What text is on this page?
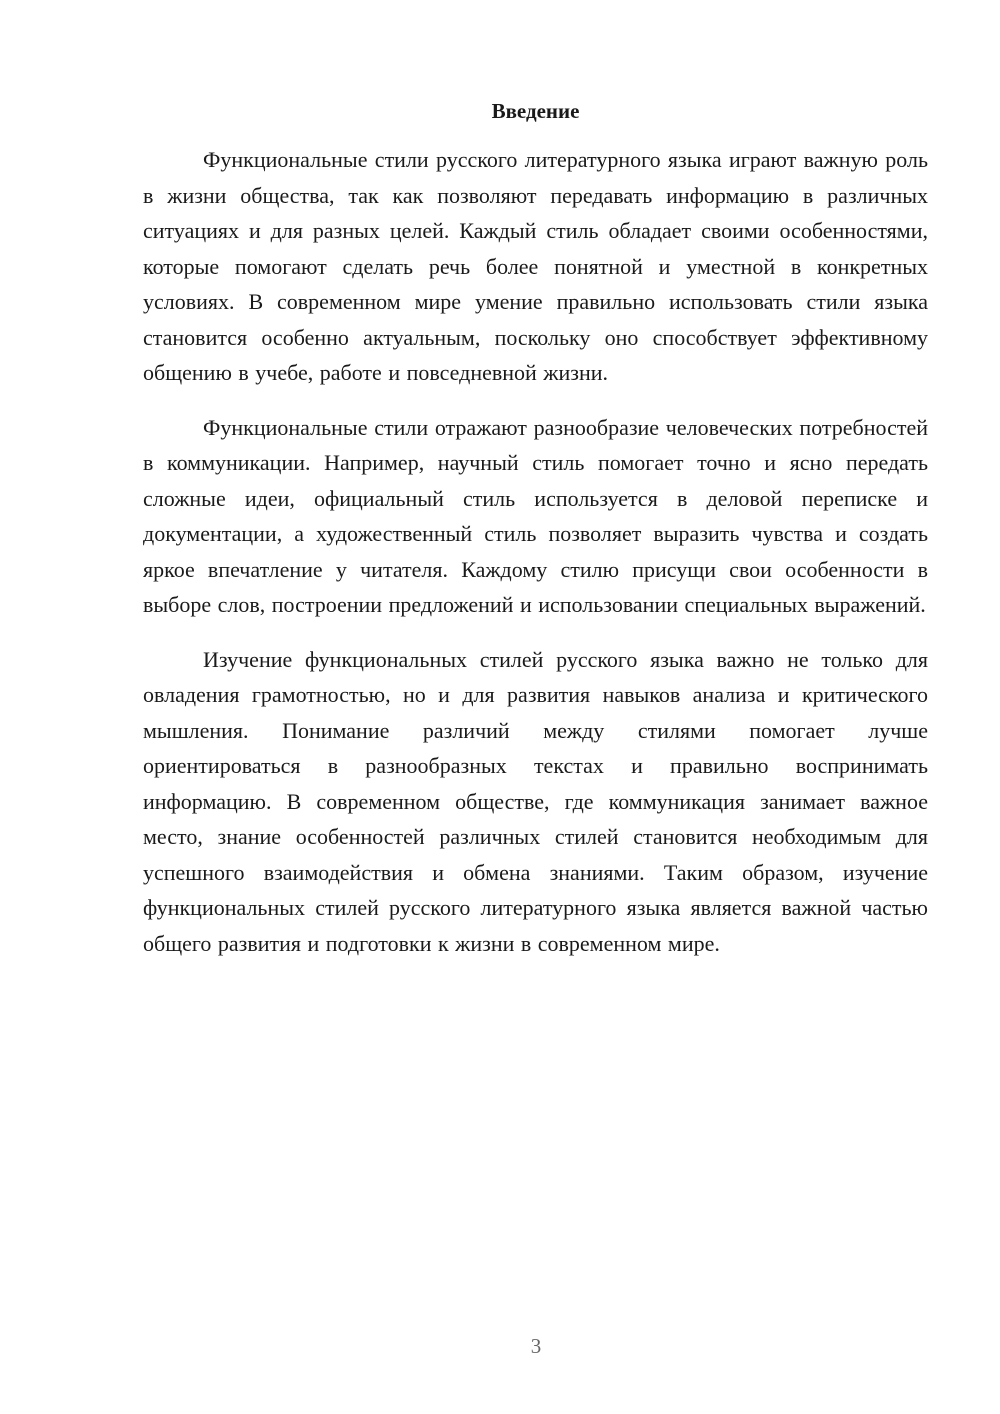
Введение

Функциональные стили русского литературного языка играют важную роль в жизни общества, так как позволяют передавать информацию в различных ситуациях и для разных целей. Каждый стиль обладает своими особенностями, которые помогают сделать речь более понятной и уместной в конкретных условиях. В современном мире умение правильно использовать стили языка становится особенно актуальным, поскольку оно способствует эффективному общению в учебе, работе и повседневной жизни.

Функциональные стили отражают разнообразие человеческих потребностей в коммуникации. Например, научный стиль помогает точно и ясно передать сложные идеи, официальный стиль используется в деловой переписке и документации, а художественный стиль позволяет выразить чувства и создать яркое впечатление у читателя. Каждому стилю присущи свои особенности в выборе слов, построении предложений и использовании специальных выражений.

Изучение функциональных стилей русского языка важно не только для овладения грамотностью, но и для развития навыков анализа и критического мышления. Понимание различий между стилями помогает лучше ориентироваться в разнообразных текстах и правильно воспринимать информацию. В современном обществе, где коммуникация занимает важное место, знание особенностей различных стилей становится необходимым для успешного взаимодействия и обмена знаниями. Таким образом, изучение функциональных стилей русского литературного языка является важной частью общего развития и подготовки к жизни в современном мире.

3
